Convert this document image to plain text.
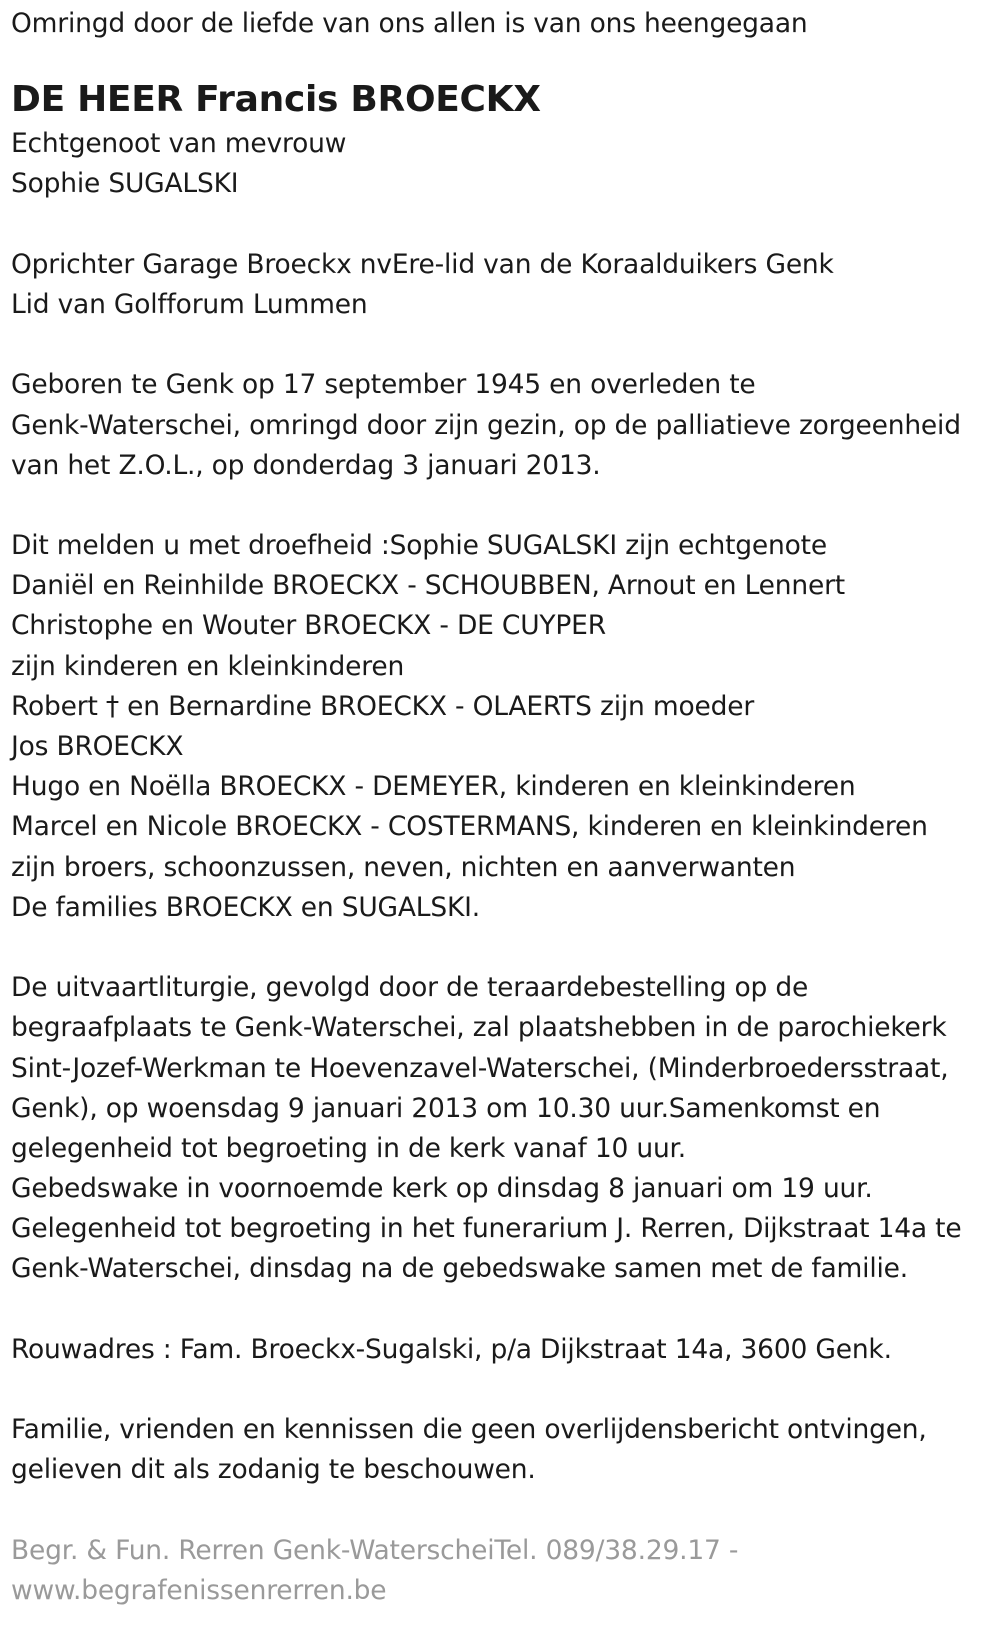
Omringd door de liefde van ons allen is van ons heengegaan
DE HEER Francis BROECKX
Echtgenoot van mevrouw
Sophie SUGALSKI
Oprichter Garage Broeckx nvEre-lid van de Koraalduikers Genk
Lid van Golfforum Lummen
Geboren te Genk op 17 september 1945 en overleden te
Genk-Waterschei, omringd door zijn gezin, op de palliatieve zorgeenheid
van het Z.O.L., op donderdag 3 januari 2013.
Dit melden u met droefheid :Sophie SUGALSKI zijn echtgenote
Daniël en Reinhilde BROECKX - SCHOUBBEN, Arnout en Lennert
Christophe en Wouter BROECKX - DE CUYPER
zijn kinderen en kleinkinderen
Robert † en Bernardine BROECKX - OLAERTS zijn moeder
Jos BROECKX
Hugo en Noëlla BROECKX - DEMEYER, kinderen en kleinkinderen
Marcel en Nicole BROECKX - COSTERMANS, kinderen en kleinkinderen
zijn broers, schoonzussen, neven, nichten en aanverwanten
De families BROECKX en SUGALSKI.
De uitvaartliturgie, gevolgd door de teraardebestelling op de
begraafplaats te Genk-Waterschei, zal plaatshebben in de parochiekerk
Sint-Jozef-Werkman te Hoevenzavel-Waterschei, (Minderbroedersstraat,
Genk), op woensdag 9 januari 2013 om 10.30 uur.Samenkomst en
gelegenheid tot begroeting in de kerk vanaf 10 uur.
Gebedswake in voornoemde kerk op dinsdag 8 januari om 19 uur.
Gelegenheid tot begroeting in het funerarium J. Rerren, Dijkstraat 14a te
Genk-Waterschei, dinsdag na de gebedswake samen met de familie.
Rouwadres : Fam. Broeckx-Sugalski, p/a Dijkstraat 14a, 3600 Genk.
Familie, vrienden en kennissen die geen overlijdensbericht ontvingen,
gelieven dit als zodanig te beschouwen.
Begr. & Fun. Rerren Genk-WaterscheiTel. 089/38.29.17 -
www.begrafenissenrerren.be
